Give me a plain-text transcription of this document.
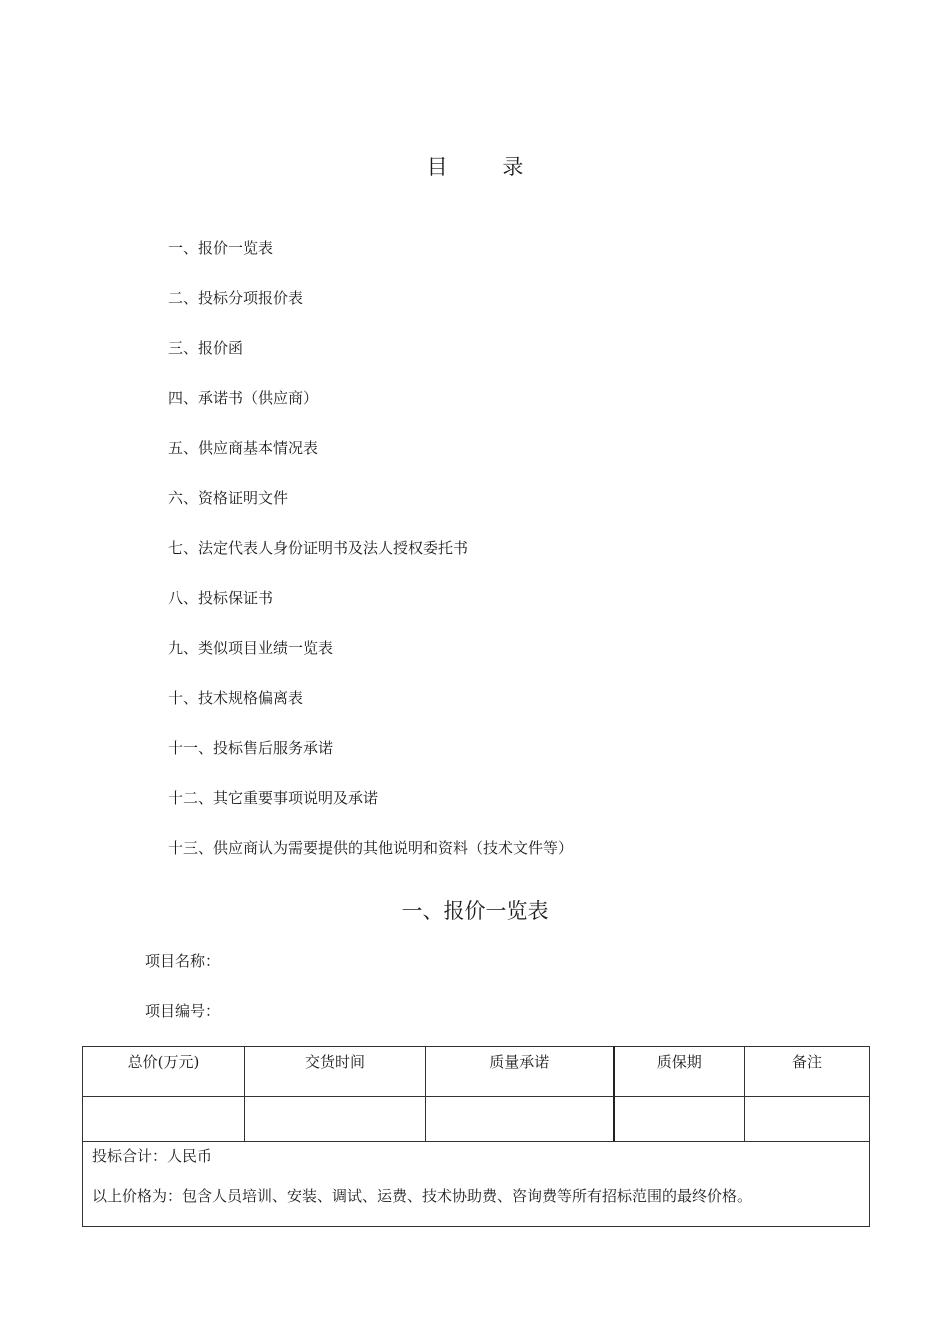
目 录
一、报价一览表
二、投标分项报价表
三、报价函
四、承诺书（供应商）
五、供应商基本情况表
六、资格证明文件
七、法定代表人身份证明书及法人授权委托书
八、投标保证书
九、类似项目业绩一览表
十、技术规格偏离表
十一、投标售后服务承诺
十二、其它重要事项说明及承诺
十三、供应商认为需要提供的其他说明和资料（技术文件等）
一、报价一览表
项目名称：
项目编号：
总价(万元)	交货时间	质量承诺	质保期	备注

投标合计：人民币
以上价格为：包含人员培训、安装、调试、运费、技术协助费、咨询费等所有招标范围的最终价格。				
